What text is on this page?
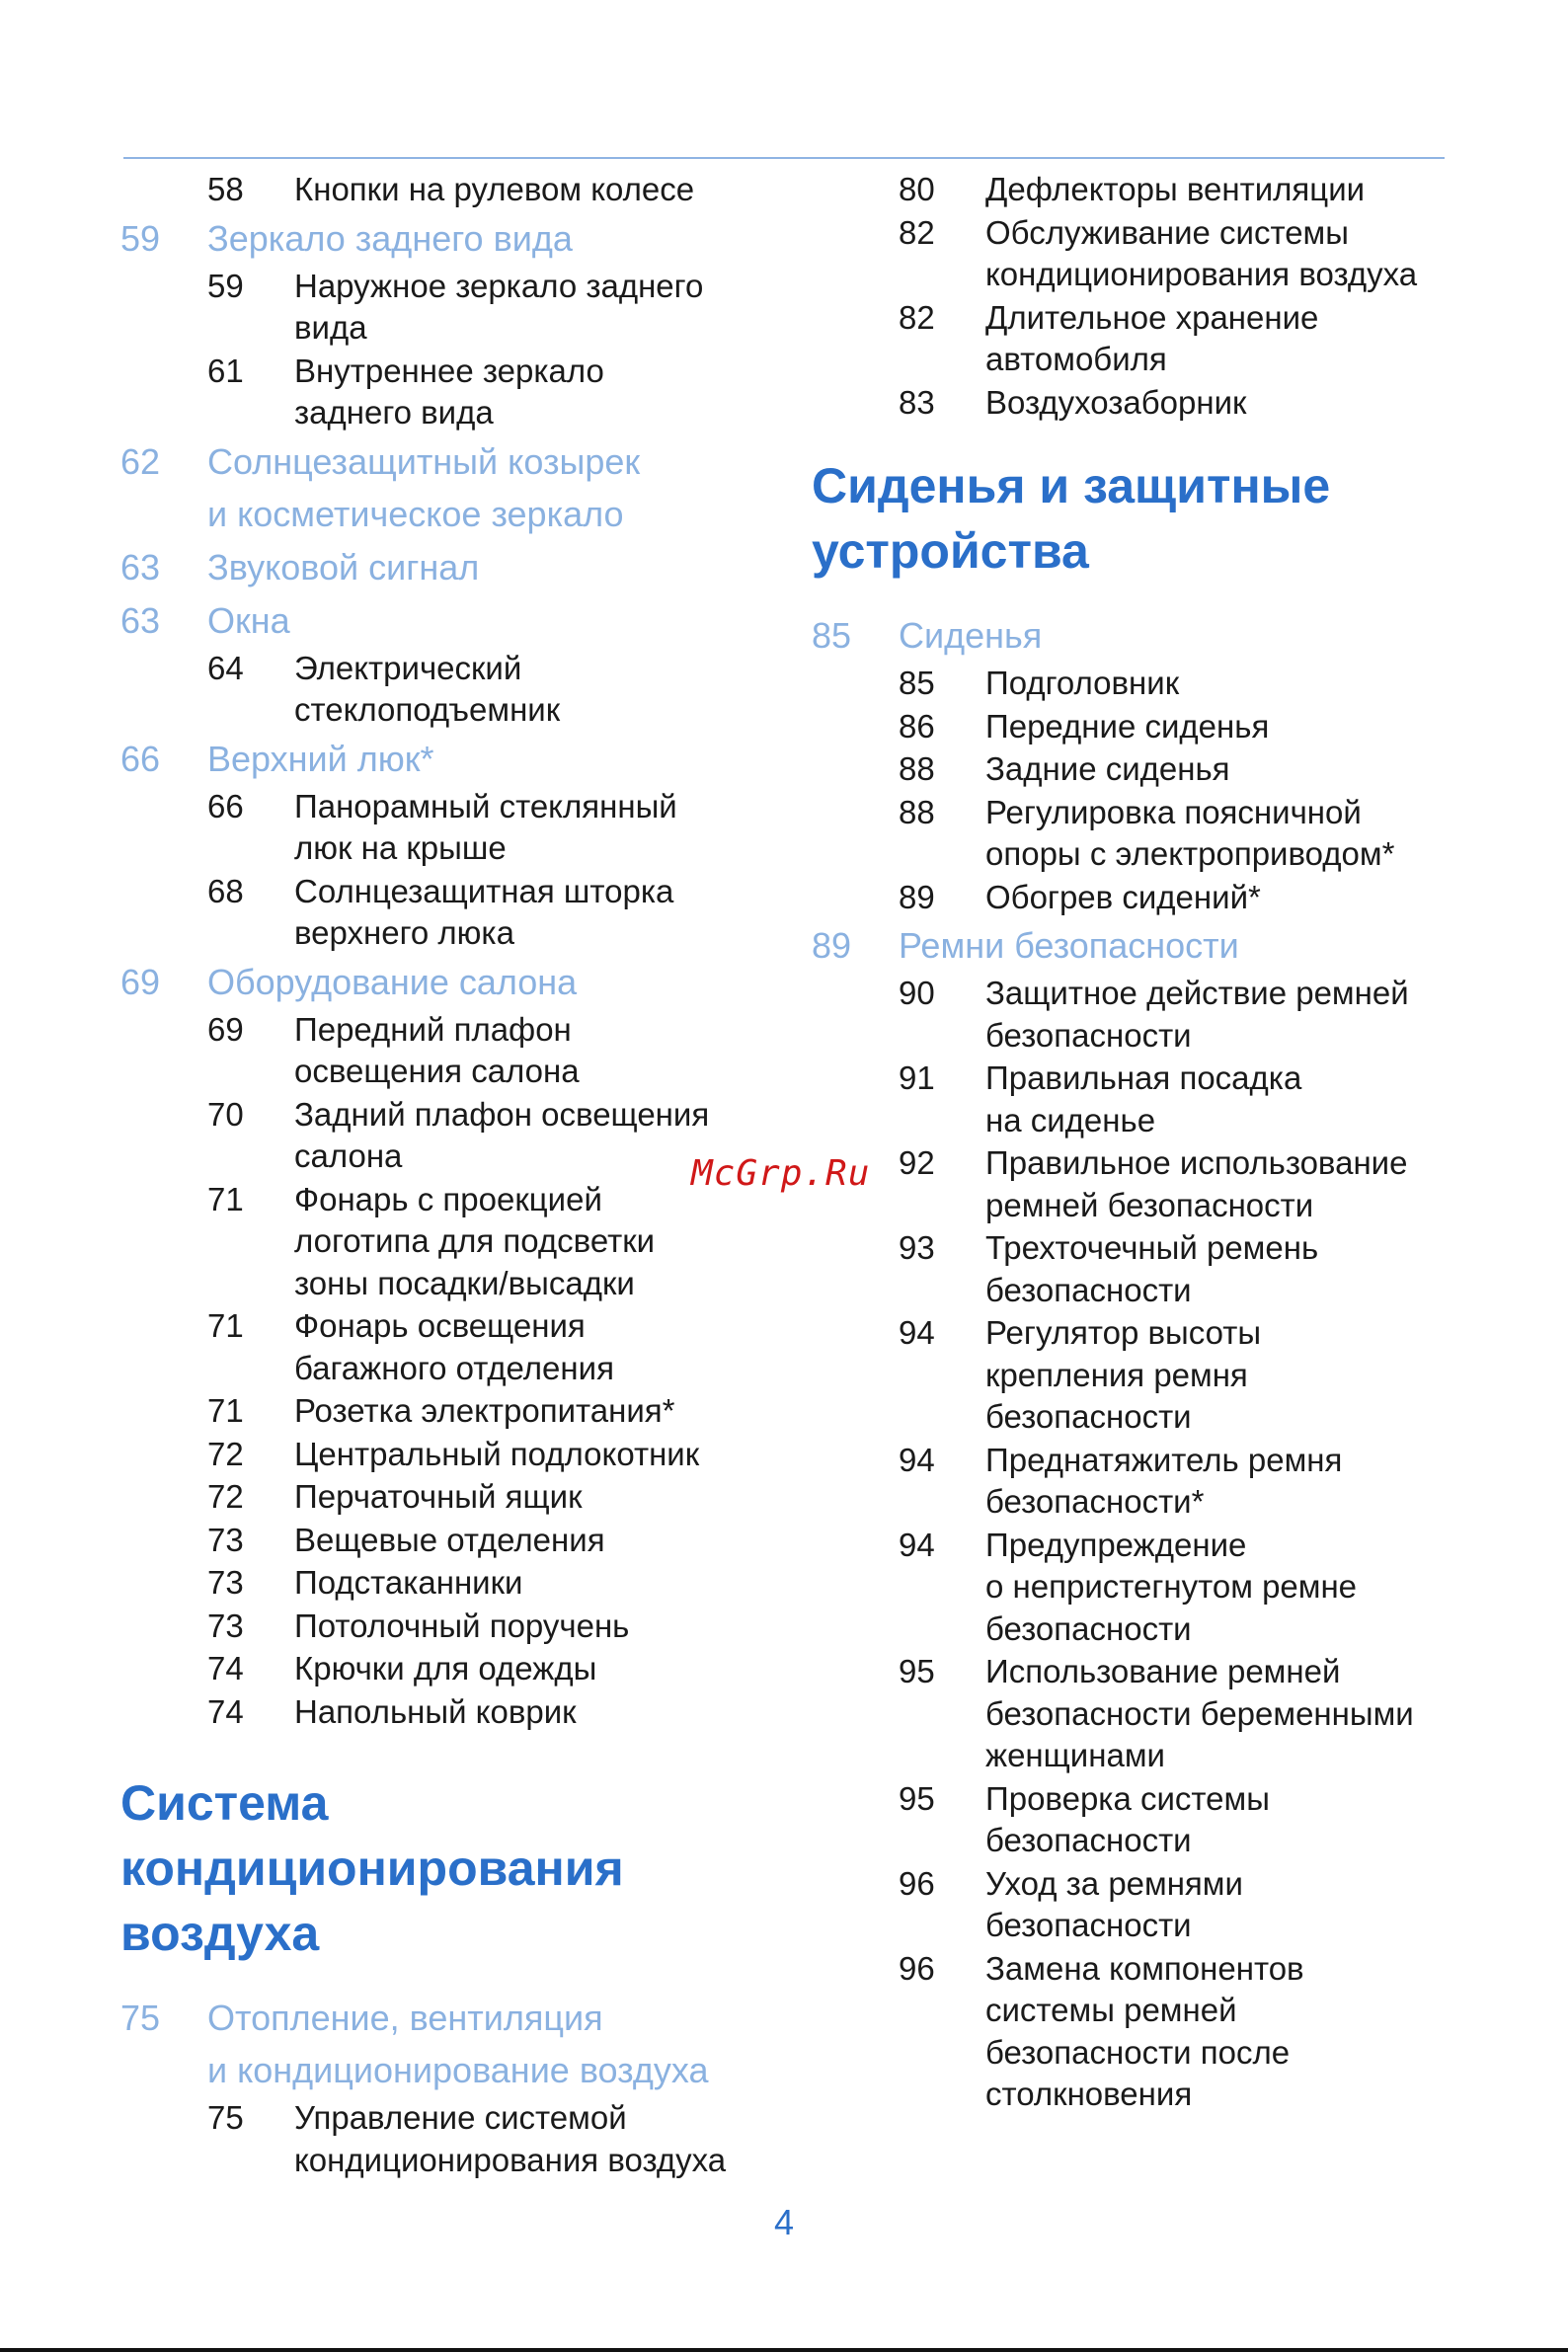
58	Кнопки на рулевом колесе
59	Зеркало заднего вида
59	Наружное зеркало заднего
вида
61	Внутреннее зеркало
заднего вида
62	Солнцезащитный козырек
и косметическое зеркало
63	Звуковой сигнал
63	Окна
64	Электрический
стеклоподъемник
66	Верхний люк*
66	Панорамный стеклянный
люк на крыше
68	Солнцезащитная шторка
верхнего люка
69	Оборудование салона
69	Передний плафон
освещения салона
70	Задний плафон освещения
салона
71	Фонарь с проекцией
логотипа для подсветки
зоны посадки/высадки
71	Фонарь освещения
багажного отделения
71	Розетка электропитания*
72	Центральный подлокотник
72	Перчаточный ящик
73	Вещевые отделения
73	Подстаканники
73	Потолочный поручень
74	Крючки для одежды
74	Напольный коврик
Система
кондиционирования
воздуха
75	Отопление, вентиляция
и кондиционирование воздуха
75	Управление системой
кондиционирования воздуха
80	Дефлекторы вентиляции
82	Обслуживание системы
кондиционирования воздуха
82	Длительное хранение
автомобиля
83	Воздухозаборник
Сиденья и защитные
устройства
85	Сиденья
85	Подголовник
86	Передние сиденья
88	Задние сиденья
88	Регулировка поясничной
опоры с электроприводом*
89	Обогрев сидений*
89	Ремни безопасности
90	Защитное действие ремней
безопасности
91	Правильная посадка
на сиденье
92	Правильное использование
ремней безопасности
93	Трехточечный ремень
безопасности
94	Регулятор высоты
крепления ремня
безопасности
94	Преднатяжитель ремня
безопасности*
94	Предупреждение
о непристегнутом ремне
безопасности
95	Использование ремней
безопасности беременными
женщинами
95	Проверка системы
безопасности
96	Уход за ремнями
безопасности
96	Замена компонентов
системы ремней
безопасности после
столкновения
McGrp.Ru
4
